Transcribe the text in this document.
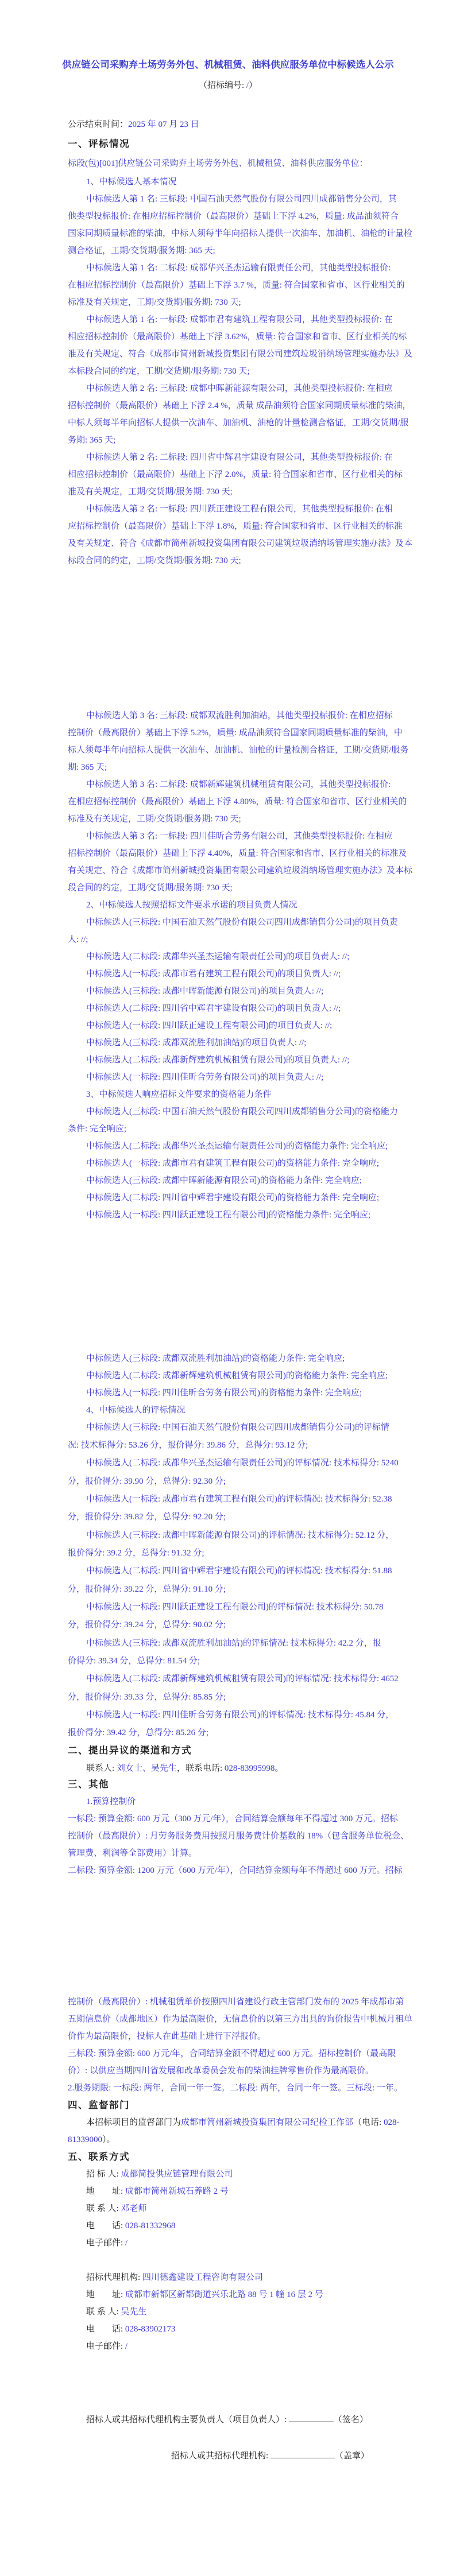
供应链公司采购弃土场劳务外包、机械租赁、油料供应服务单位中标候选人公示
（招标编号: /）
公示结束时间：2025 年 07 月 23 日
一、评标情况
标段(包)[001]供应链公司采购弃土场劳务外包、机械租赁、油料供应服务单位：
1、中标候选人基本情况
中标候选人第 1 名: 三标段: 中国石油天然气股份有限公司四川成都销售分公司，其
他类型投标报价: 在相应招标控制价（最高限价）基础上下浮 4.2%，质量: 成品油须符合
国家同期质量标准的柴油，中标人须每半年向招标人提供一次油车、加油机、油枪的计量检
测合格证，工期/交货期/服务期: 365 天;
中标候选人第 1 名: 二标段: 成都华兴圣杰运输有限责任公司，其他类型投标报价:
在相应招标控制价（最高限价）基础上下浮 3.7 %，质量: 符合国家和省市、区行业相关的
标准及有关规定，工期/交货期/服务期: 730 天;
中标候选人第 1 名: 一标段: 成都市君有建筑工程有限公司，其他类型投标报价: 在
相应招标控制价（最高限价）基础上下浮 3.62%，质量: 符合国家和省市、区行业相关的标
准及有关规定、符合《成都市简州新城投资集团有限公司建筑垃圾消纳场管理实施办法》及
本标段合同的约定，工期/交货期/服务期: 730 天;
中标候选人第 2 名: 三标段: 成都中晖新能源有限公司，其他类型投标报价: 在相应
招标控制价（最高限价）基础上下浮 2.4 %，质量 成品油须符合国家同期质量标准的柴油，
中标人须每半年向招标人提供一次油车、加油机、油枪的计量检测合格证，工期/交货期/服
务期: 365 天;
中标候选人第 2 名: 二标段: 四川省中辉君宇建设有限公司，其他类型投标报价: 在
相应招标控制价（最高限价）基础上下浮 2.0%，质量: 符合国家和省市、区行业相关的标
准及有关规定，工期/交货期/服务期: 730 天;
中标候选人第 2 名: 一标段: 四川跃正建设工程有限公司，其他类型投标报价: 在相
应招标控制价（最高限价）基础上下浮 1.8%，质量: 符合国家和省市、区行业相关的标准
及有关规定、符合《成都市简州新城投资集团有限公司建筑垃圾消纳场管理实施办法》及本
标段合同的约定，工期/交货期/服务期: 730 天;
中标候选人第 3 名: 三标段: 成都双流胜利加油站，其他类型投标报价: 在相应招标
控制价（最高限价）基础上下浮 5.2%，质量: 成品油须符合国家同期质量标准的柴油，中
标人须每半年向招标人提供一次油车、加油机、油枪的计量检测合格证，工期/交货期/服务
期: 365 天;
中标候选人第 3 名: 二标段: 成都新辉建筑机械租赁有限公司，其他类型投标报价:
在相应招标控制价（最高限价）基础上下浮 4.80%，质量: 符合国家和省市、区行业相关的
标准及有关规定，工期/交货期/服务期: 730 天;
中标候选人第 3 名: 一标段: 四川佳昕合劳务有限公司，其他类型投标报价: 在相应
招标控制价（最高限价）基础上下浮 4.40%，质量: 符合国家和省市、区行业相关的标准及
有关规定、符合《成都市简州新城投资集团有限公司建筑垃圾消纳场管理实施办法》及本标
段合同的约定，工期/交货期/服务期: 730 天;
2、中标候选人按照招标文件要求承诺的项目负责人情况
中标候选人(三标段: 中国石油天然气股份有限公司四川成都销售分公司)的项目负责
人: //;
中标候选人(二标段: 成都华兴圣杰运输有限责任公司)的项目负责人: //;
中标候选人(一标段: 成都市君有建筑工程有限公司)的项目负责人: //;
中标候选人(三标段: 成都中晖新能源有限公司)的项目负责人: //;
中标候选人(二标段: 四川省中辉君宇建设有限公司)的项目负责人: //;
中标候选人(一标段: 四川跃正建设工程有限公司)的项目负责人: //;
中标候选人(三标段: 成都双流胜利加油站)的项目负责人: //;
中标候选人(二标段: 成都新辉建筑机械租赁有限公司)的项目负责人: //;
中标候选人(一标段: 四川佳昕合劳务有限公司)的项目负责人: //;
3、中标候选人响应招标文件要求的资格能力条件
中标候选人(三标段: 中国石油天然气股份有限公司四川成都销售分公司)的资格能力
条件: 完全响应;
中标候选人(二标段: 成都华兴圣杰运输有限责任公司)的资格能力条件: 完全响应;
中标候选人(一标段: 成都市君有建筑工程有限公司)的资格能力条件: 完全响应;
中标候选人(三标段: 成都中晖新能源有限公司)的资格能力条件: 完全响应;
中标候选人(二标段: 四川省中辉君宇建设有限公司)的资格能力条件: 完全响应;
中标候选人(一标段: 四川跃正建设工程有限公司)的资格能力条件: 完全响应;
中标候选人(三标段: 成都双流胜利加油站)的资格能力条件: 完全响应;
中标候选人(二标段: 成都新辉建筑机械租赁有限公司)的资格能力条件: 完全响应;
中标候选人(一标段: 四川佳昕合劳务有限公司)的资格能力条件: 完全响应;
4、中标候选人的评标情况
中标候选人(三标段: 中国石油天然气股份有限公司四川成都销售分公司)的评标情
况: 技术标得分: 53.26 分，报价得分: 39.86 分，总得分: 93.12 分;
中标候选人(二标段: 成都华兴圣杰运输有限责任公司)的评标情况: 技术标得分: 5240
分，报价得分: 39.90 分，总得分: 92.30 分;
中标候选人(一标段: 成都市君有建筑工程有限公司)的评标情况: 技术标得分: 52.38
分，报价得分: 39.82 分，总得分: 92.20 分;
中标候选人(三标段: 成都中晖新能源有限公司)的评标情况: 技术标得分: 52.12 分，
报价得分: 39.2 分，总得分: 91.32 分;
中标候选人(二标段: 四川省中辉君宇建设有限公司)的评标情况: 技术标得分: 51.88
分，报价得分: 39.22 分，总得分: 91.10 分;
中标候选人(一标段: 四川跃正建设工程有限公司)的评标情况: 技术标得分: 50.78
分，报价得分: 39.24 分，总得分: 90.02 分;
中标候选人(三标段: 成都双流胜利加油站)的评标情况: 技术标得分: 42.2 分，报
价得分: 39.34 分，总得分: 81.54 分;
中标候选人(二标段: 成都新辉建筑机械租赁有限公司)的评标情况: 技术标得分: 4652
分，报价得分: 39.33 分，总得分: 85.85 分;
中标候选人(一标段: 四川佳昕合劳务有限公司)的评标情况: 技术标得分: 45.84 分，
报价得分: 39.42 分，总得分: 85.26 分;
二、提出异议的渠道和方式
联系人: 刘女士、吴先生，联系电话: 028-83995998。
三、其他
1.预算控制价
一标段: 预算金额: 600 万元（300 万元/年），合同结算金额每年不得超过 300 万元。招标
控制价（最高限价）: 月劳务服务费用按照月服务费计价基数的 18%（包含服务单位税金、
管理费、利润等全部费用）计算。
二标段: 预算金额: 1200 万元（600 万元/年），合同结算金额每年不得超过 600 万元。招标
控制价（最高限价）: 机械租赁单价按照四川省建设行政主管部门发布的 2025 年成都市第
五期信息价（成都地区）作为最高限价，无信息价的以第三方出具的询价报告中机械月租单
价作为最高限价，投标人在此基础上进行下浮报价。
三标段: 预算金额: 600 万元/年，合同结算金额不得超过 600 万元。招标控制价（最高限
价）: 以供应当期四川省发展和改革委员会发布的柴油挂牌零售价作为最高限价。
2.服务期限: 一标段: 两年，合同一年一签。二标段: 两年，合同一年一签。三标段: 一年。
四、监督部门
本招标项目的监督部门为成都市简州新城投资集团有限公司纪检工作部（电话: 028-
81339000）。
五、联系方式
招 标 人: 成都简投供应链管理有限公司
地　　址: 成都市简州新城石养路 2 号
联 系 人: 邓老师
电　　话: 028-81332968
电子邮件: /
招标代理机构: 四川德鑫建设工程咨询有限公司
地　　址: 成都市新都区新都街道兴乐北路 88 号 1 幢 16 层 2 号
联 系 人: 吴先生
电　　话: 028-83902173
电子邮件: /
招标人或其招标代理机构主要负责人（项目负责人）:	（签名）
招标人或其招标代理机构:	（盖章）
